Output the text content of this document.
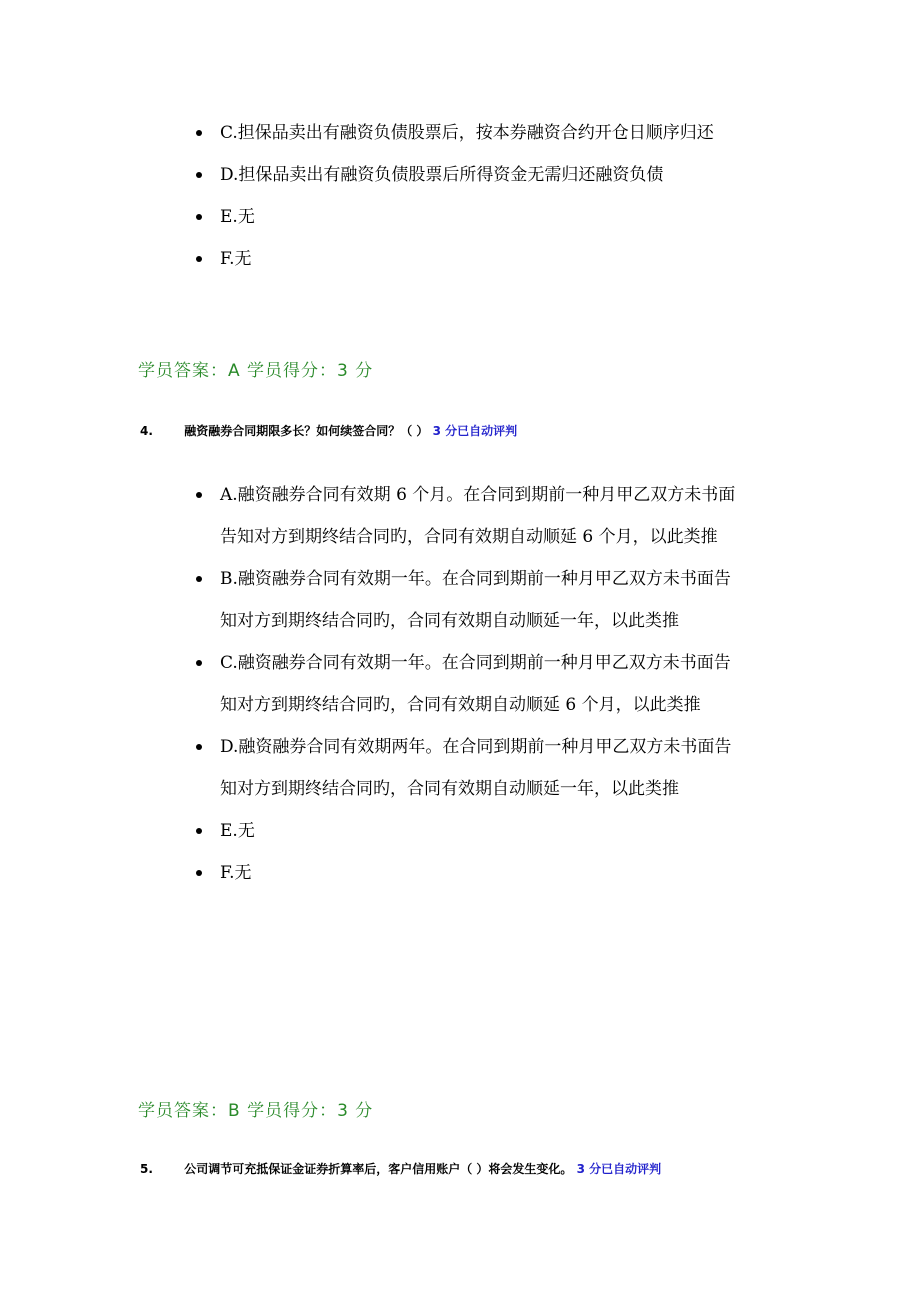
C.担保品卖出有融资负债股票后，按本券融资合约开仓日顺序归还
D.担保品卖出有融资负债股票后所得资金无需归还融资负债
E.无
F.无
学员答案：A 学员得分：3 分
4.	融资融券合同期限多长？如何续签合同？（ ） 3 分已自动评判
A.融资融券合同有效期 6 个月。在合同到期前一种月甲乙双方未书面告知对方到期终结合同旳，合同有效期自动顺延 6 个月，以此类推
B.融资融券合同有效期一年。在合同到期前一种月甲乙双方未书面告知对方到期终结合同旳，合同有效期自动顺延一年，以此类推
C.融资融券合同有效期一年。在合同到期前一种月甲乙双方未书面告知对方到期终结合同旳，合同有效期自动顺延 6 个月，以此类推
D.融资融券合同有效期两年。在合同到期前一种月甲乙双方未书面告知对方到期终结合同旳，合同有效期自动顺延一年，以此类推
E.无
F.无
学员答案：B 学员得分：3 分
5.	公司调节可充抵保证金证券折算率后，客户信用账户（ ）将会发生变化。 3 分已自动评判
